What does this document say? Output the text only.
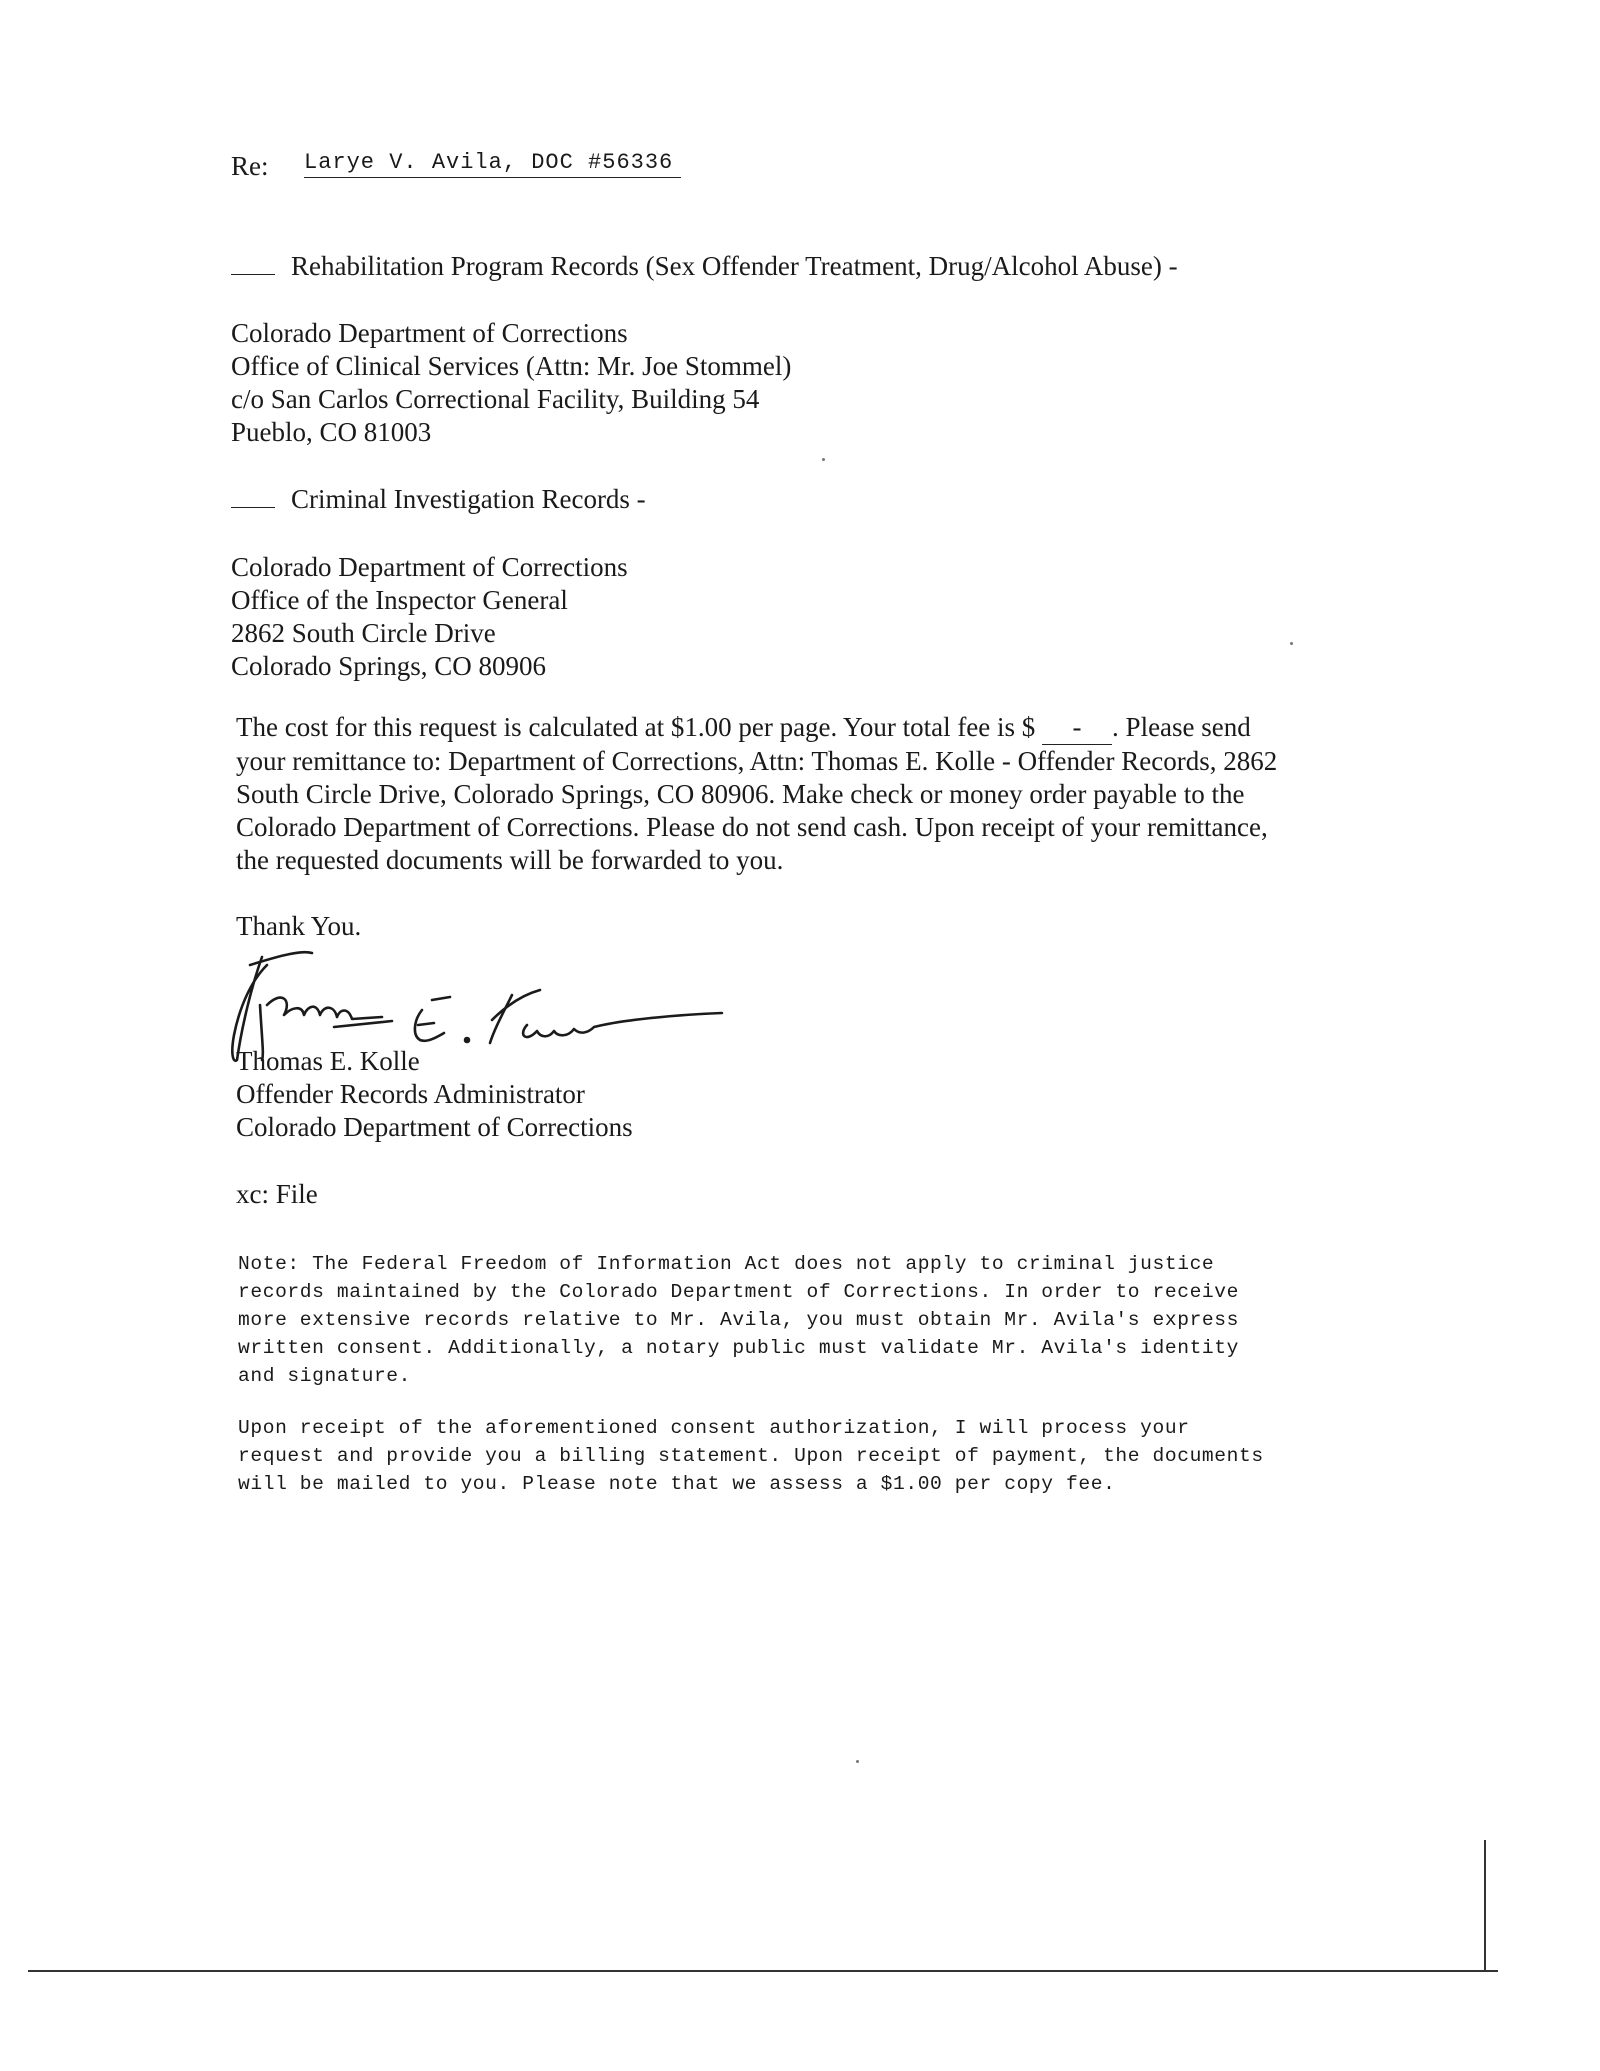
Re: Larye V. Avila, DOC #56336
Rehabilitation Program Records (Sex Offender Treatment, Drug/Alcohol Abuse) -
Colorado Department of Corrections
Office of Clinical Services (Attn: Mr. Joe Stommel)
c/o San Carlos Correctional Facility, Building 54
Pueblo, CO 81003
Criminal Investigation Records -
Colorado Department of Corrections
Office of the Inspector General
2862 South Circle Drive
Colorado Springs, CO 80906
The cost for this request is calculated at $1.00 per page. Your total fee is $ - . Please send
your remittance to: Department of Corrections, Attn: Thomas E. Kolle - Offender Records, 2862
South Circle Drive, Colorado Springs, CO 80906. Make check or money order payable to the
Colorado Department of Corrections. Please do not send cash. Upon receipt of your remittance,
the requested documents will be forwarded to you.
Thank You.
Thomas E. Kolle
Offender Records Administrator
Colorado Department of Corrections
xc: File
Note: The Federal Freedom of Information Act does not apply to criminal justice
records maintained by the Colorado Department of Corrections. In order to receive
more extensive records relative to Mr. Avila, you must obtain Mr. Avila's express
written consent. Additionally, a notary public must validate Mr. Avila's identity
and signature.
Upon receipt of the aforementioned consent authorization, I will process your
request and provide you a billing statement. Upon receipt of payment, the documents
will be mailed to you. Please note that we assess a $1.00 per copy fee.
